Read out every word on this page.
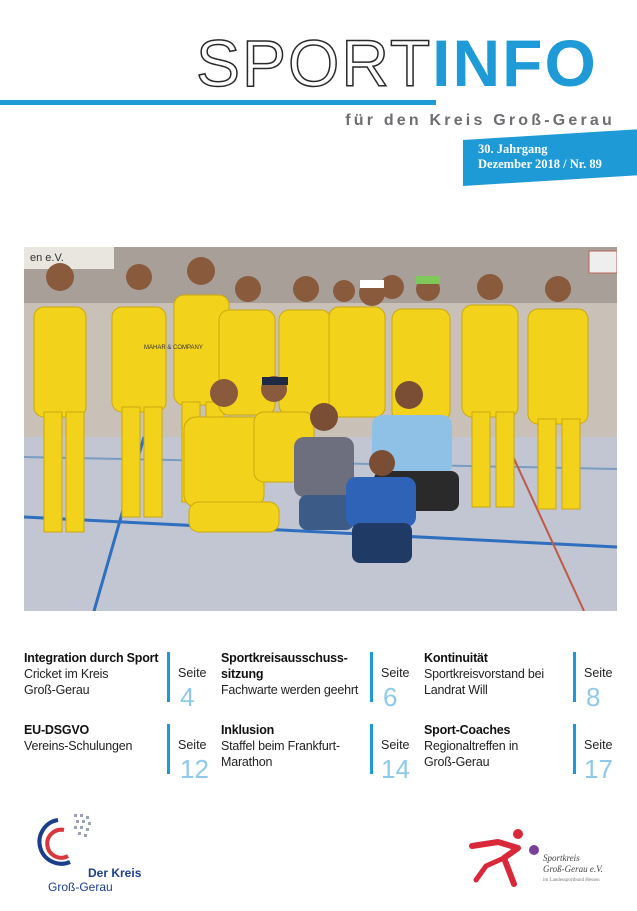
SPORTINFO
für den Kreis Groß-Gerau
30. Jahrgang
Dezember 2018 / Nr. 89
en e.V.
MAHAR & COMPANY
Integration durch Sport
Cricket im Kreis
Groß-Gerau
Seite
4
EU-DSGVO
Vereins-Schulungen	Seite
12
Sportkreisausschuss-
sitzung
Fachwarte werden geehrt
Seite
6
Inklusion
Staffel beim Frankfurt-
Marathon
Seite
14
Kontinuität
Sportkreisvorstand bei
Landrat Will
Seite
8
Sport-Coaches
Regionaltreffen in
Groß-Gerau
Seite
17
Der Kreis
Groß-Gerau
Sportkreis
Groß-Gerau e.V.
im Landessportbund Hessen
